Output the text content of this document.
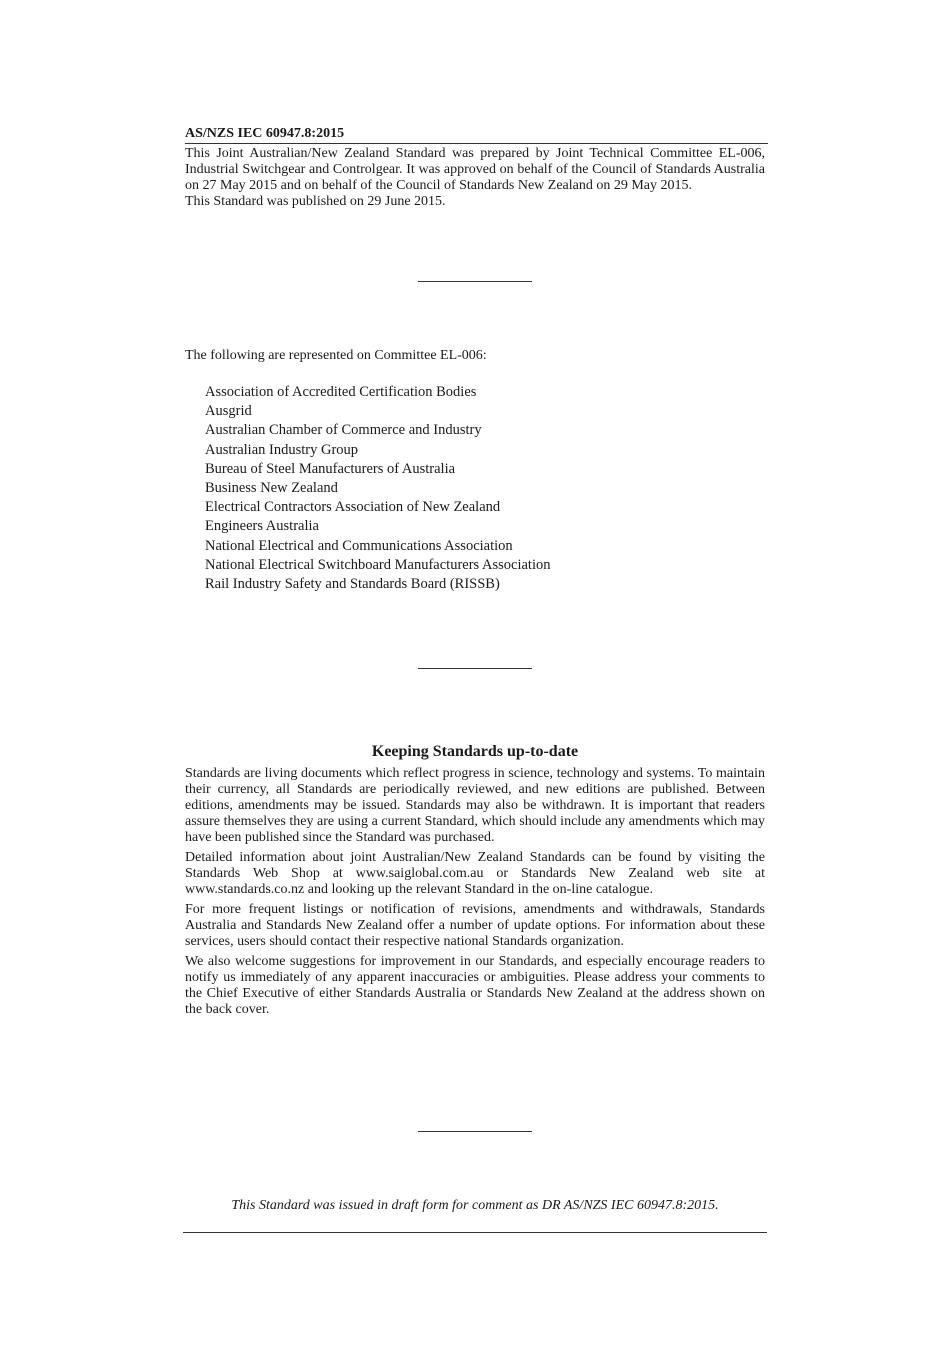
AS/NZS IEC 60947.8:2015

This Joint Australian/New Zealand Standard was prepared by Joint Technical Committee EL-006, Industrial Switchgear and Controlgear. It was approved on behalf of the Council of Standards Australia on 27 May 2015 and on behalf of the Council of Standards New Zealand on 29 May 2015.

This Standard was published on 29 June 2015.

The following are represented on Committee EL-006:
Association of Accredited Certification Bodies
Ausgrid
Australian Chamber of Commerce and Industry
Australian Industry Group
Bureau of Steel Manufacturers of Australia
Business New Zealand
Electrical Contractors Association of New Zealand
Engineers Australia
National Electrical and Communications Association
National Electrical Switchboard Manufacturers Association
Rail Industry Safety and Standards Board (RISSB)
Keeping Standards up-to-date

Standards are living documents which reflect progress in science, technology and systems. To maintain their currency, all Standards are periodically reviewed, and new editions are published. Between editions, amendments may be issued. Standards may also be withdrawn. It is important that readers assure themselves they are using a current Standard, which should include any amendments which may have been published since the Standard was purchased.

Detailed information about joint Australian/New Zealand Standards can be found by visiting the Standards Web Shop at www.saiglobal.com.au or Standards New Zealand web site at www.standards.co.nz and looking up the relevant Standard in the on-line catalogue.

For more frequent listings or notification of revisions, amendments and withdrawals, Standards Australia and Standards New Zealand offer a number of update options. For information about these services, users should contact their respective national Standards organization.

We also welcome suggestions for improvement in our Standards, and especially encourage readers to notify us immediately of any apparent inaccuracies or ambiguities. Please address your comments to the Chief Executive of either Standards Australia or Standards New Zealand at the address shown on the back cover.

This Standard was issued in draft form for comment as DR AS/NZS IEC 60947.8:2015.
